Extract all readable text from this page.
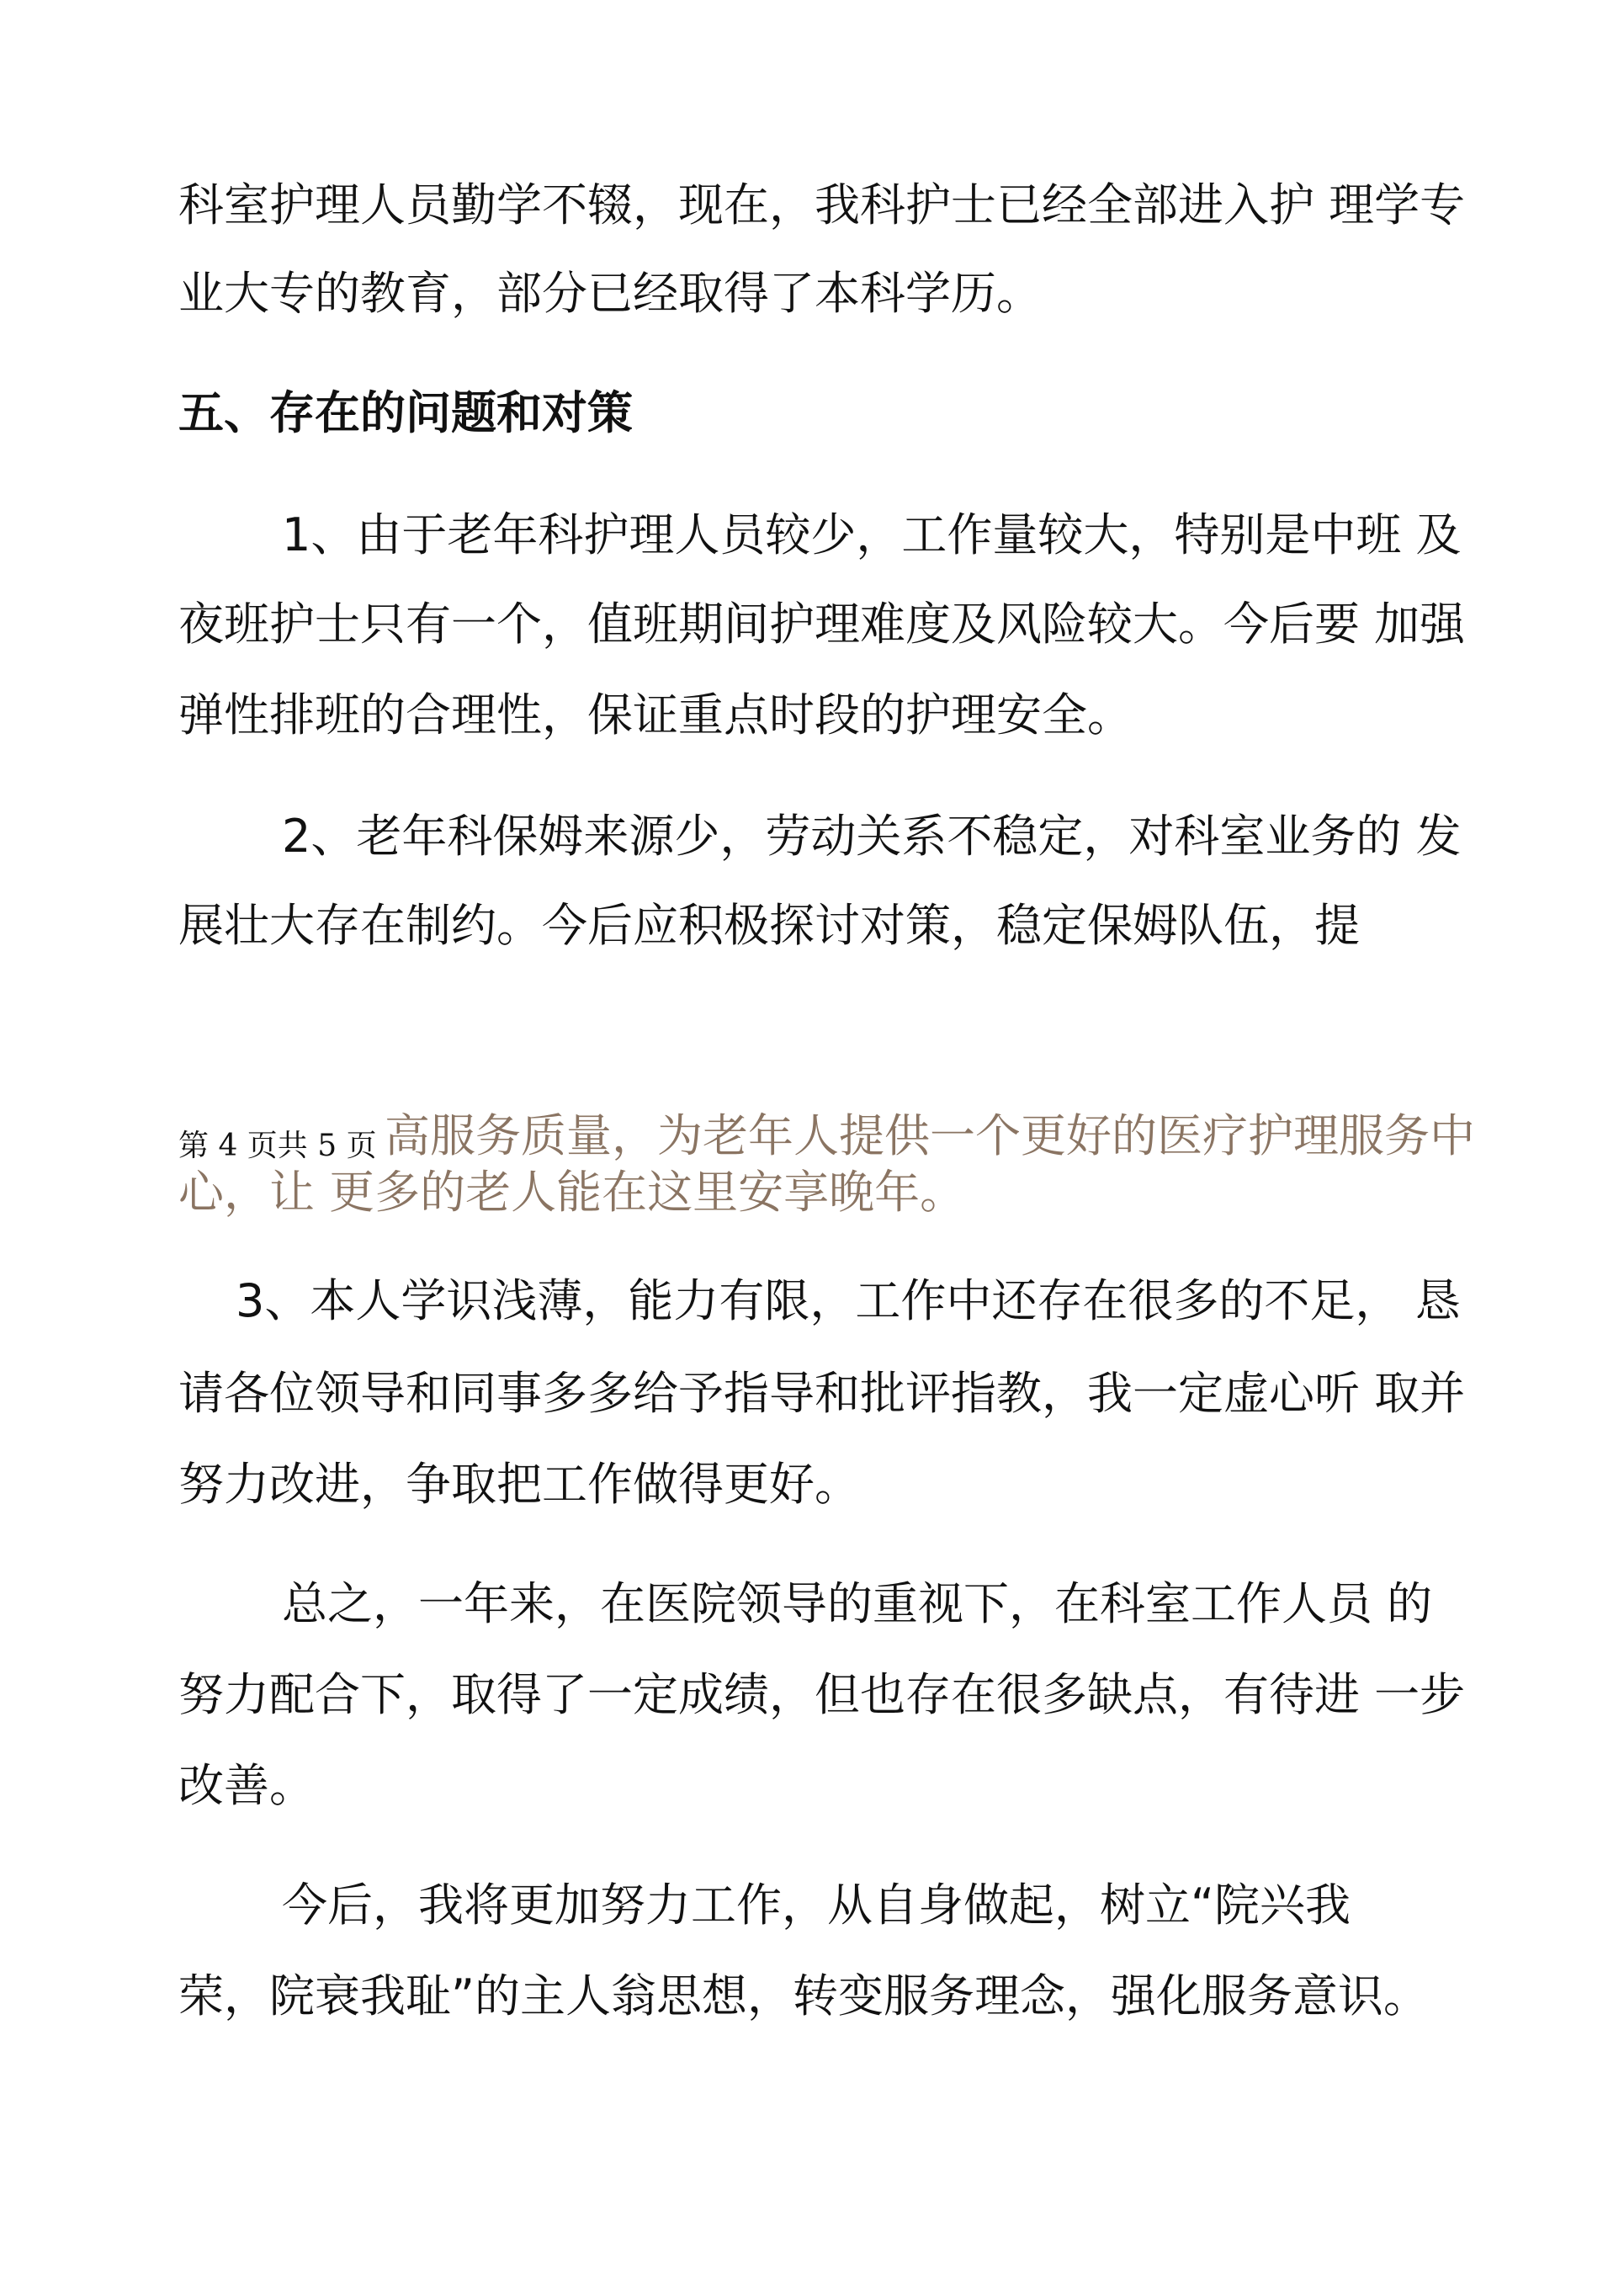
科室护理人员勤学不辍，现在，我科护士已经全部进入护 理学专
业大专的教育，部分已经取得了本科学历。
五、存在的问题和对策
1、由于老年科护理人员较少，工作量较大，特别是中班 及
夜班护士只有一个，值班期间护理难度及风险较大。今后要 加强
弹性排班的合理性，保证重点时段的护理安全。
2、老年科保姆来源少，劳动关系不稳定，对科室业务的 发
展壮大存在制约。今后应积极探讨对策，稳定保姆队伍，提
第 4 页共 5 页 高服务质量，为老年人提供一个更好的医疗护理服务中
心，让 更多的老人能在这里安享晚年。
3、本人学识浅薄，能力有限，工作中还存在很多的不足， 恳
请各位领导和同事多多给予指导和批评指教，我一定虚心听 取并
努力改进，争取把工作做得更好。
总之，一年来，在医院领导的重视下，在科室工作人员 的
努力配合下，取得了一定成绩，但也存在很多缺点，有待进 一步
改善。
今后，我将更加努力工作，从自身做起，树立“院兴我
荣，院衰我耻”的主人翁思想，转变服务理念，强化服务意识。
